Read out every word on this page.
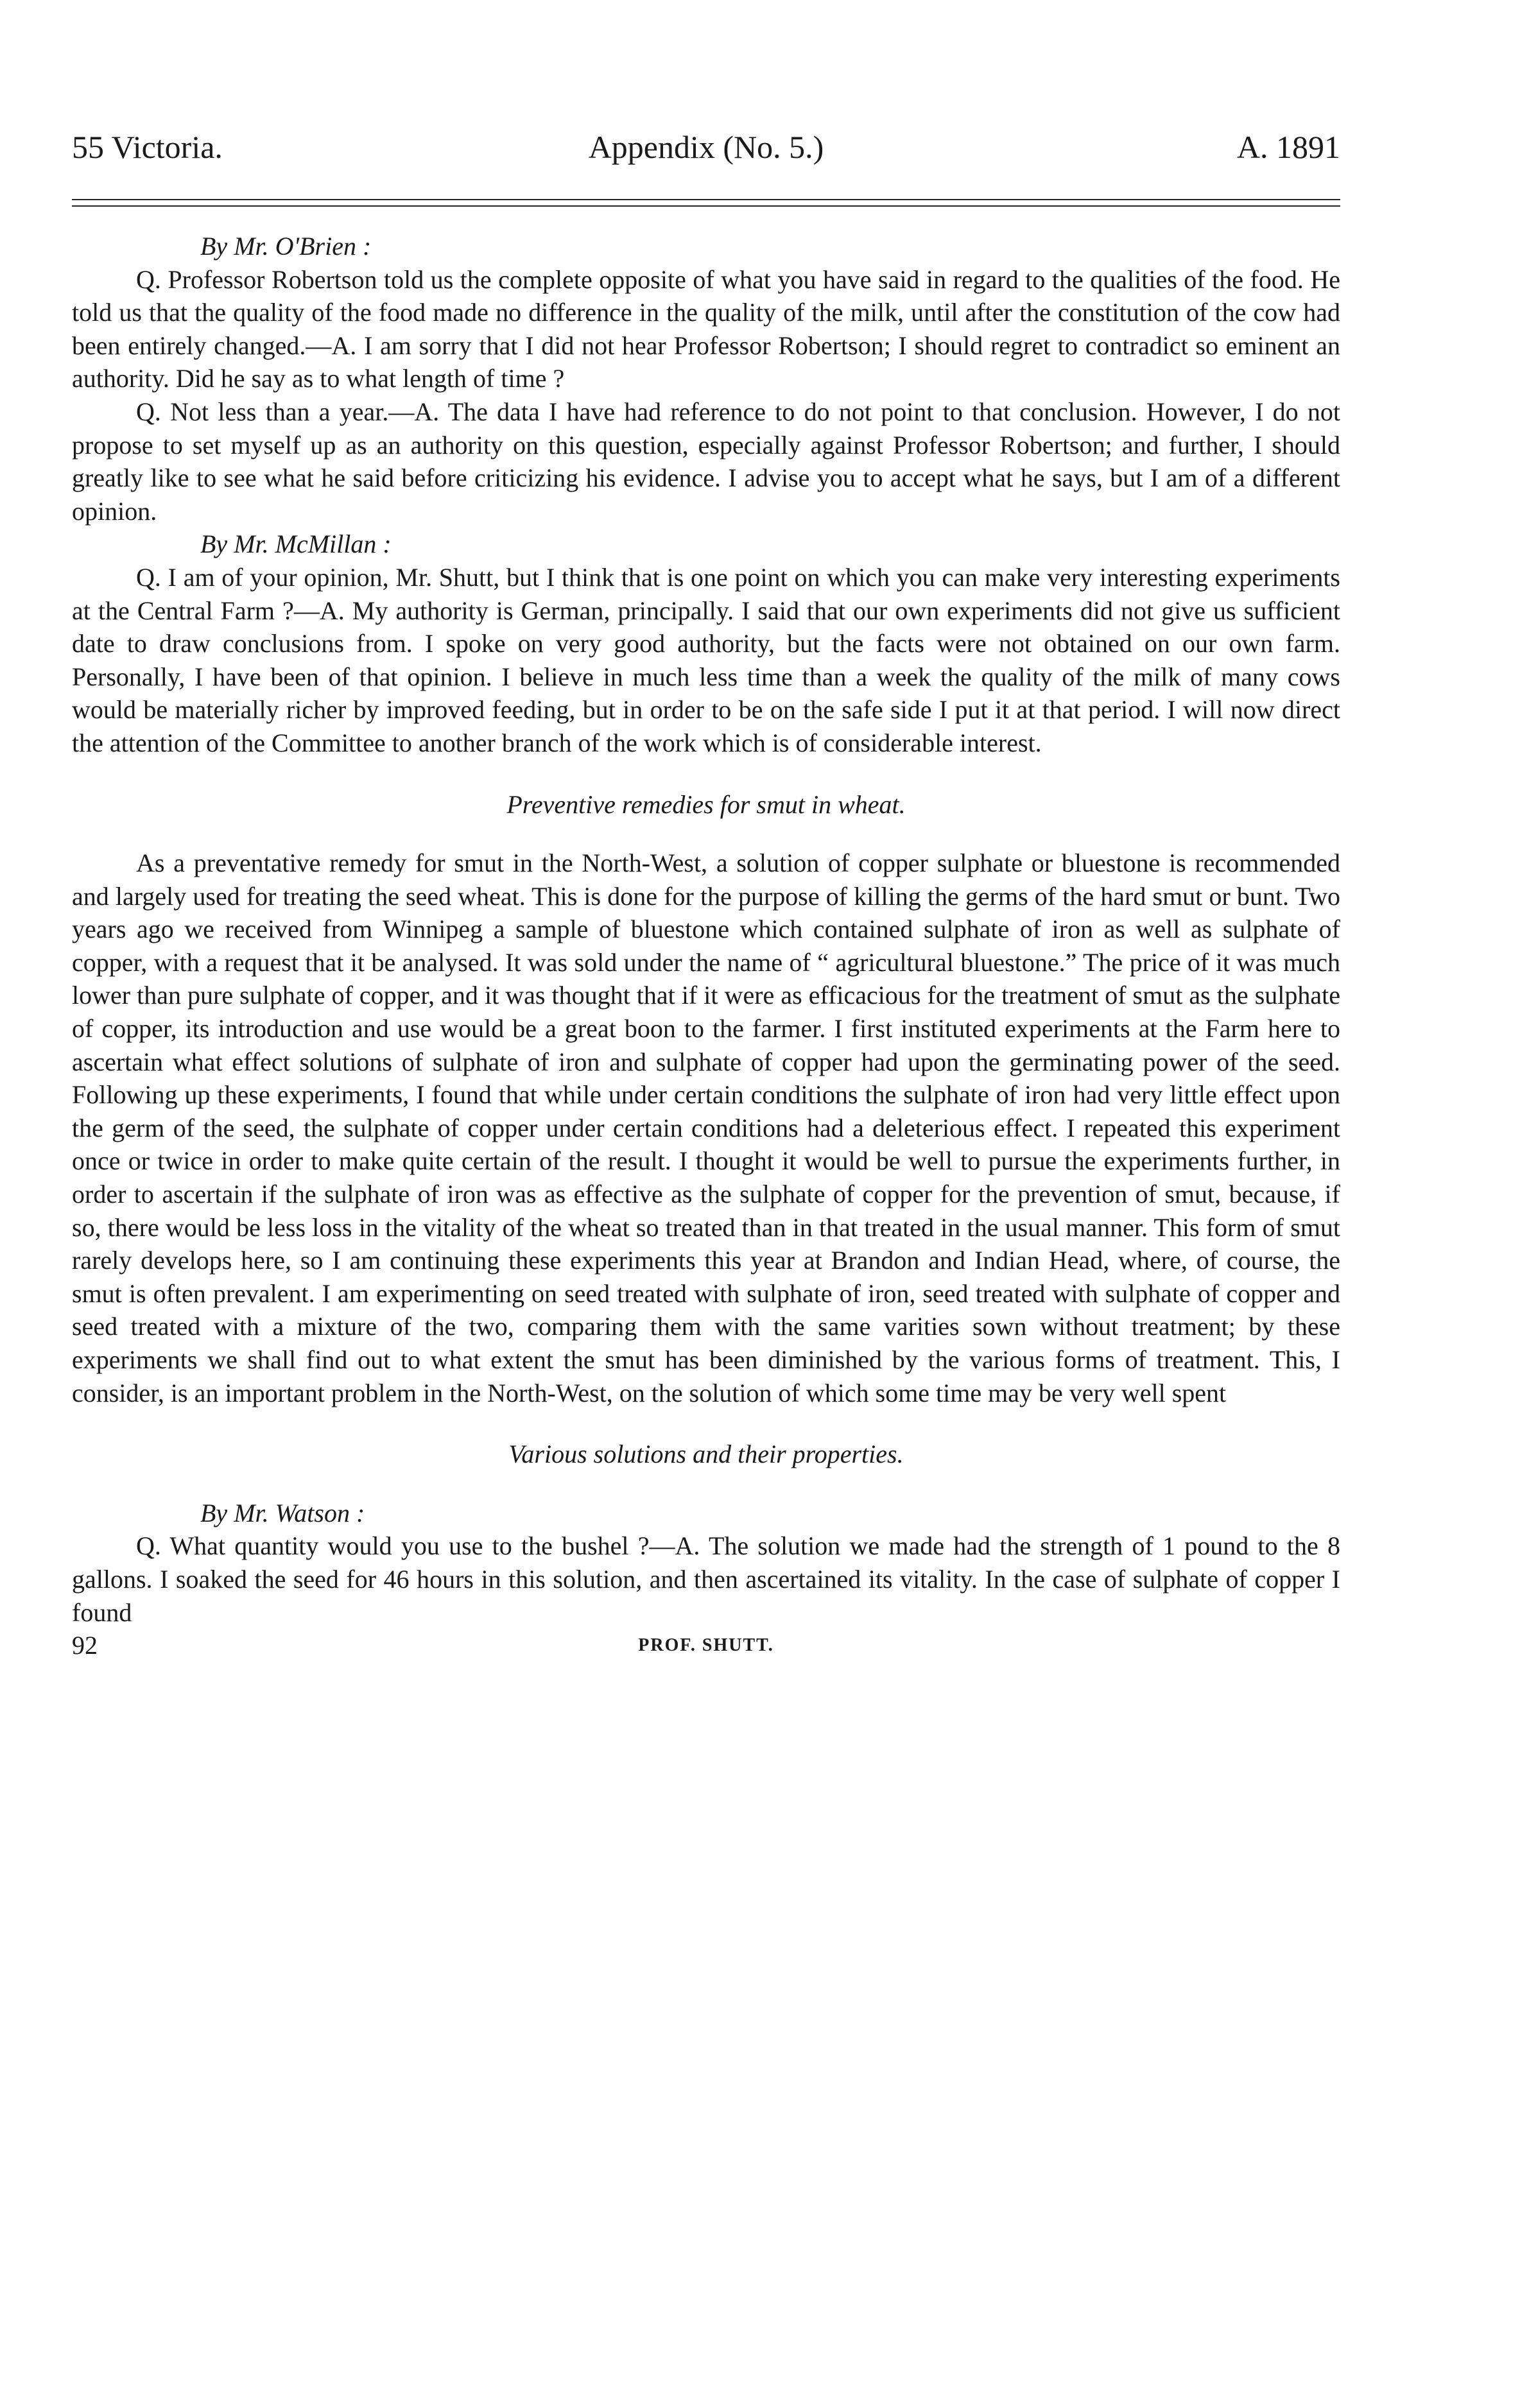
55 Victoria.	Appendix (No. 5.)	A. 1891
By Mr. O'Brien :

Q. Professor Robertson told us the complete opposite of what you have said in regard to the qualities of the food. He told us that the quality of the food made no difference in the quality of the milk, until after the constitution of the cow had been entirely changed.—A. I am sorry that I did not hear Professor Robertson; I should regret to contradict so eminent an authority. Did he say as to what length of time ?

Q. Not less than a year.—A. The data I have had reference to do not point to that conclusion. However, I do not propose to set myself up as an authority on this question, especially against Professor Robertson; and further, I should greatly like to see what he said before criticizing his evidence. I advise you to accept what he says, but I am of a different opinion.

By Mr. McMillan :

Q. I am of your opinion, Mr. Shutt, but I think that is one point on which you can make very interesting experiments at the Central Farm ?—A. My authority is German, principally. I said that our own experiments did not give us sufficient date to draw conclusions from. I spoke on very good authority, but the facts were not obtained on our own farm. Personally, I have been of that opinion. I believe in much less time than a week the quality of the milk of many cows would be materially richer by improved feeding, but in order to be on the safe side I put it at that period. I will now direct the attention of the Committee to another branch of the work which is of considerable interest.

Preventive remedies for smut in wheat.

As a preventative remedy for smut in the North-West, a solution of copper sulphate or bluestone is recommended and largely used for treating the seed wheat. This is done for the purpose of killing the germs of the hard smut or bunt. Two years ago we received from Winnipeg a sample of bluestone which contained sulphate of iron as well as sulphate of copper, with a request that it be analysed. It was sold under the name of “ agricultural bluestone.” The price of it was much lower than pure sulphate of copper, and it was thought that if it were as efficacious for the treatment of smut as the sulphate of copper, its introduction and use would be a great boon to the farmer. I first instituted experiments at the Farm here to ascertain what effect solutions of sulphate of iron and sulphate of copper had upon the germinating power of the seed. Following up these experiments, I found that while under certain conditions the sulphate of iron had very little effect upon the germ of the seed, the sulphate of copper under certain conditions had a deleterious effect. I repeated this experiment once or twice in order to make quite certain of the result. I thought it would be well to pursue the experiments further, in order to ascertain if the sulphate of iron was as effective as the sulphate of copper for the prevention of smut, because, if so, there would be less loss in the vitality of the wheat so treated than in that treated in the usual manner. This form of smut rarely develops here, so I am continuing these experiments this year at Brandon and Indian Head, where, of course, the smut is often prevalent. I am experimenting on seed treated with sulphate of iron, seed treated with sulphate of copper and seed treated with a mixture of the two, comparing them with the same varities sown without treatment; by these experiments we shall find out to what extent the smut has been diminished by the various forms of treatment. This, I consider, is an important problem in the North-West, on the solution of which some time may be very well spent

Various solutions and their properties.
By Mr. Watson :

Q. What quantity would you use to the bushel ?—A. The solution we made had the strength of 1 pound to the 8 gallons. I soaked the seed for 46 hours in this solution, and then ascertained its vitality. In the case of sulphate of copper I found

92	PROF. SHUTT.
